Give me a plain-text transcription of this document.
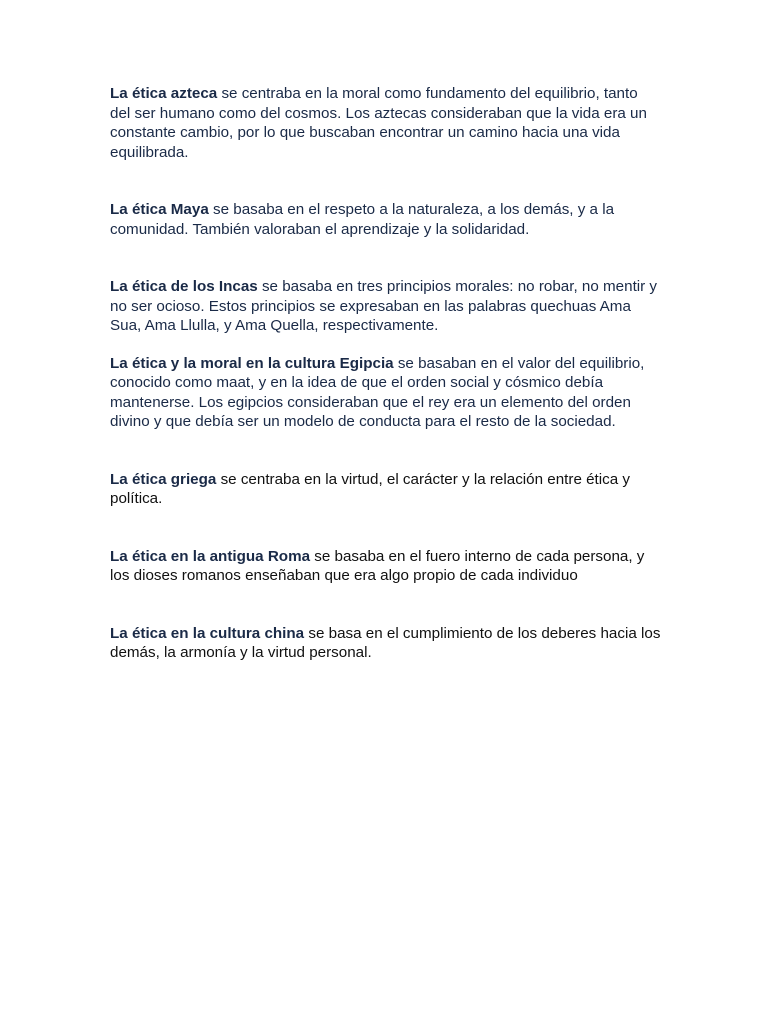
La ética azteca se centraba en la moral como fundamento del equilibrio, tanto del ser humano como del cosmos. Los aztecas consideraban que la vida era un constante cambio, por lo que buscaban encontrar un camino hacia una vida equilibrada.

La ética Maya se basaba en el respeto a la naturaleza, a los demás, y a la comunidad. También valoraban el aprendizaje y la solidaridad.

La ética de los Incas se basaba en tres principios morales: no robar, no mentir y no ser ocioso. Estos principios se expresaban en las palabras quechuas Ama Sua, Ama Llulla, y Ama Quella, respectivamente.

La ética y la moral en la cultura Egipcia se basaban en el valor del equilibrio, conocido como maat, y en la idea de que el orden social y cósmico debía mantenerse. Los egipcios consideraban que el rey era un elemento del orden divino y que debía ser un modelo de conducta para el resto de la sociedad.

La ética griega se centraba en la virtud, el carácter y la relación entre ética y política.

La ética en la antigua Roma se basaba en el fuero interno de cada persona, y los dioses romanos enseñaban que era algo propio de cada individuo

La ética en la cultura china se basa en el cumplimiento de los deberes hacia los demás, la armonía y la virtud personal.
